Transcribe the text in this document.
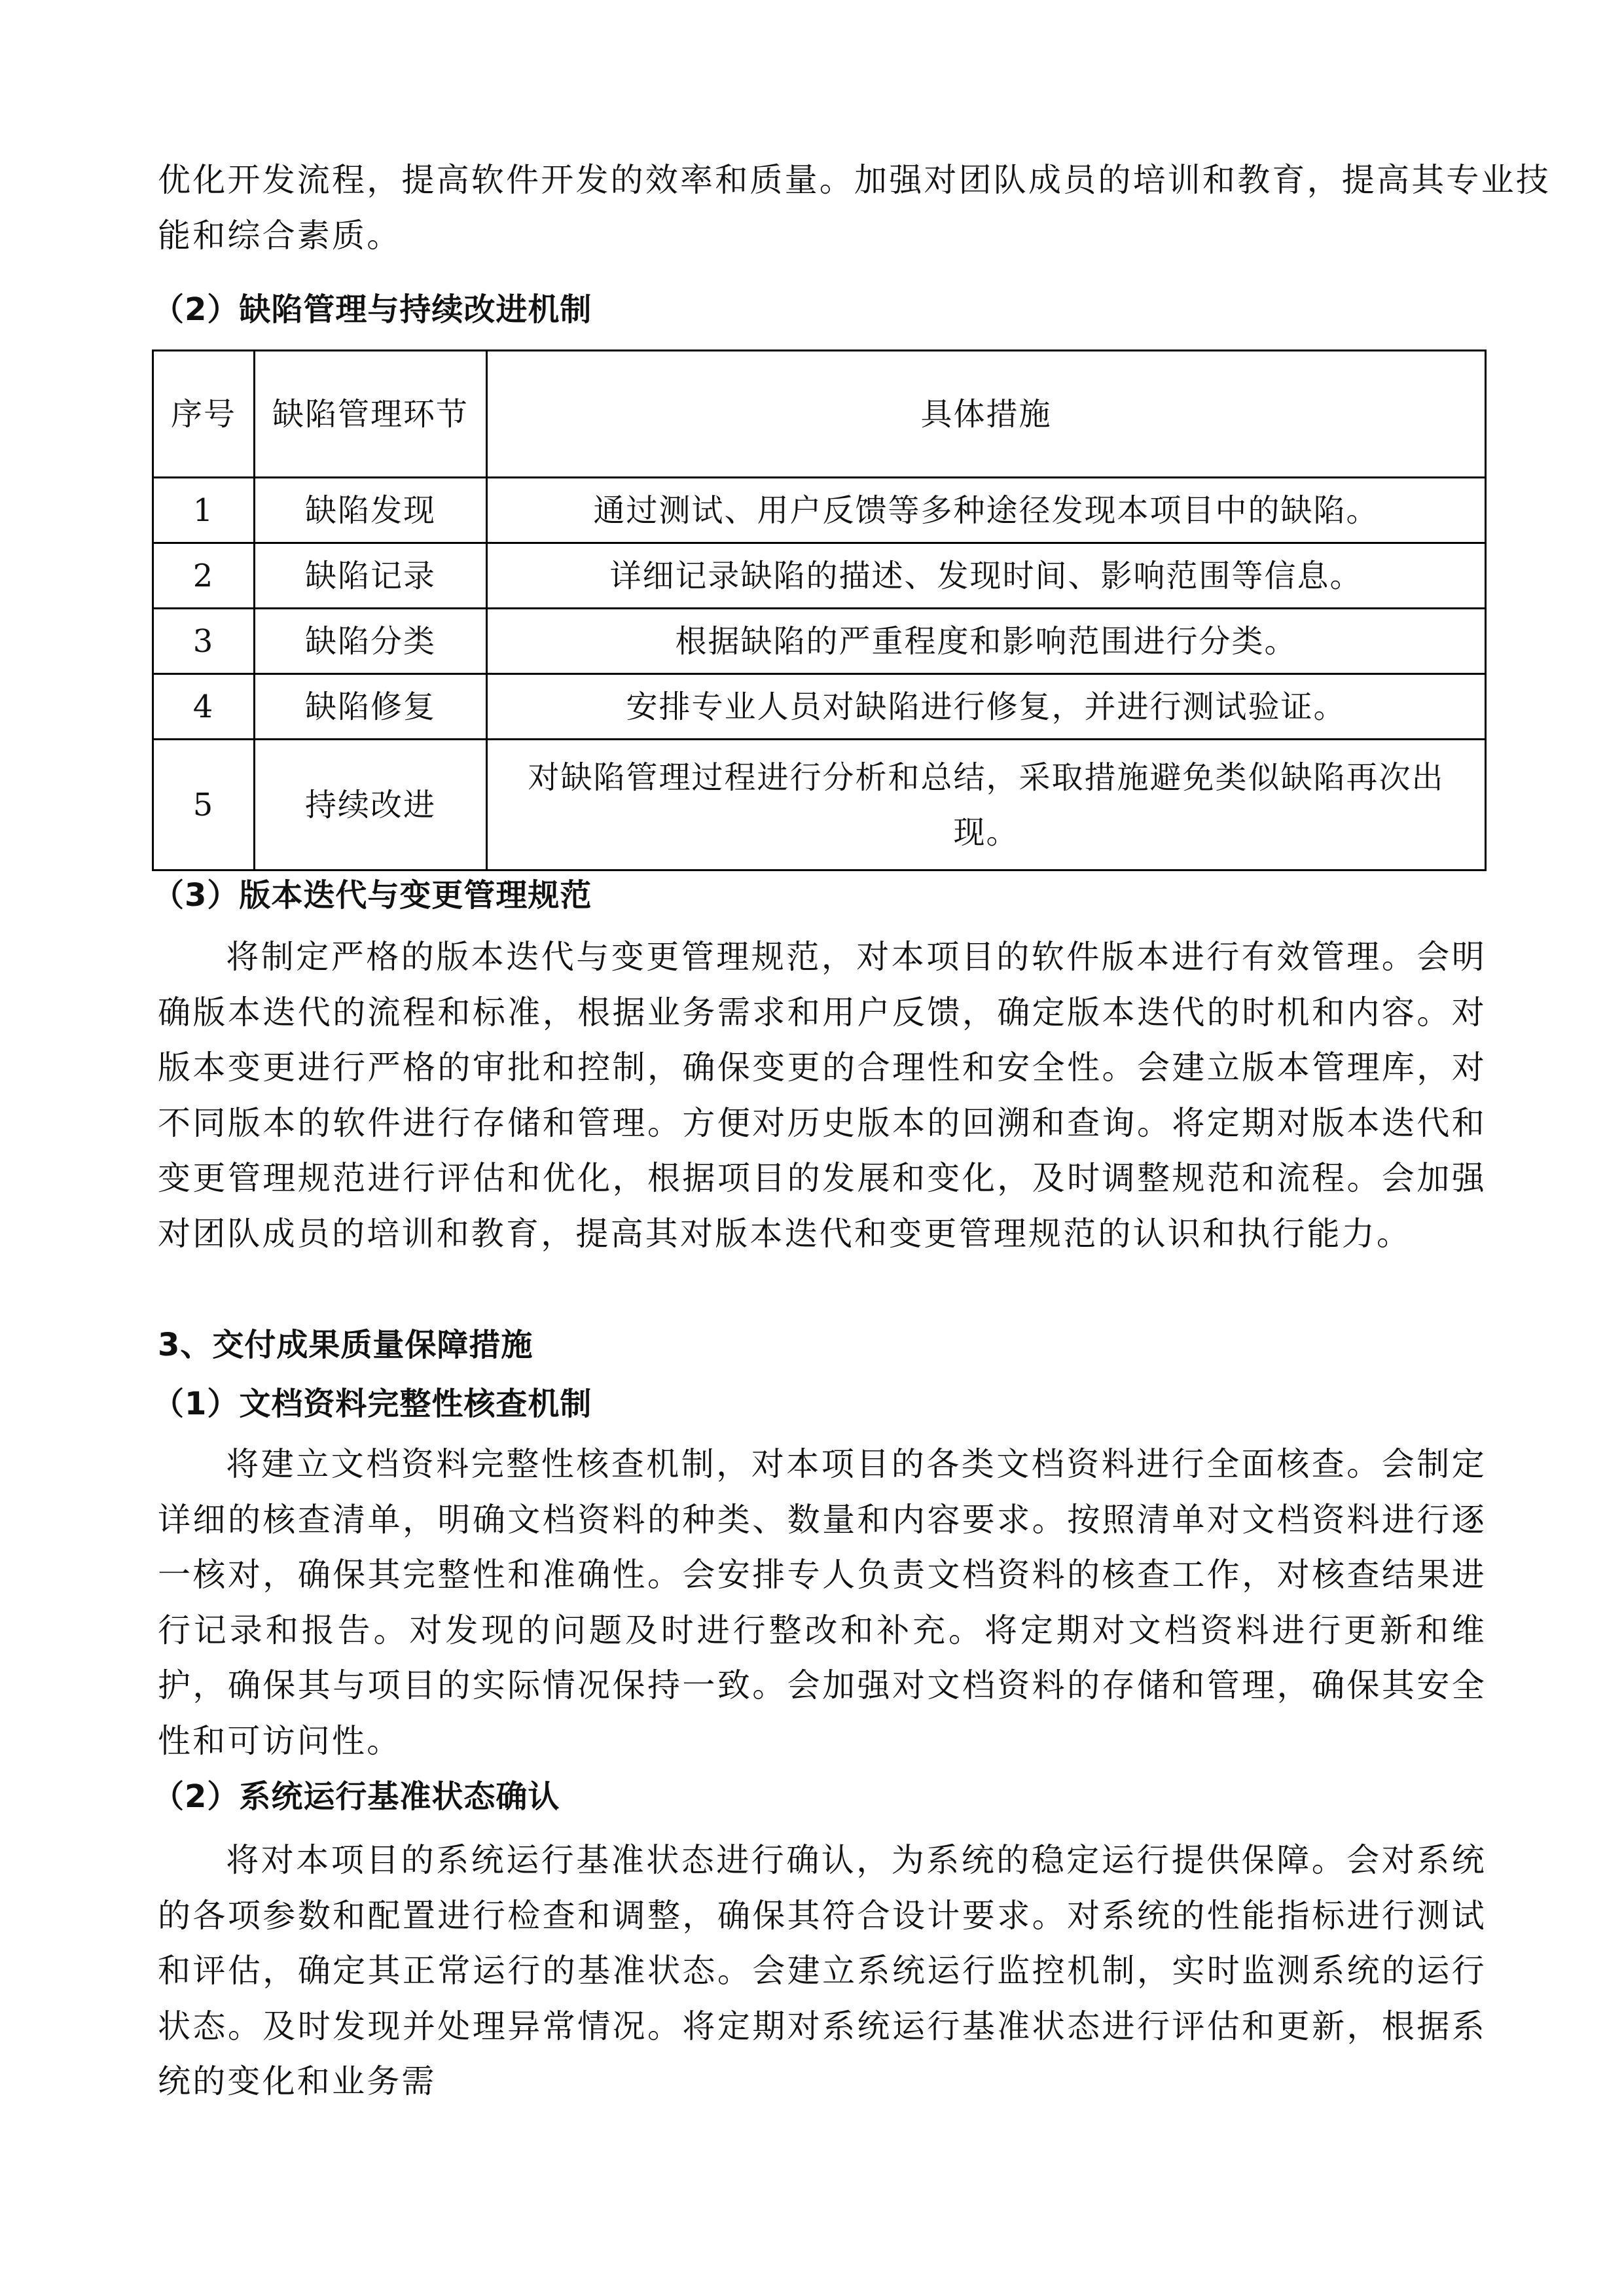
优化开发流程，提高软件开发的效率和质量。加强对团队成员的培训和教育，提高其专业技
能和综合素质。
（2）缺陷管理与持续改进机制
序号	缺陷管理环节	具体措施
1	缺陷发现	通过测试、用户反馈等多种途径发现本项目中的缺陷。
2	缺陷记录	详细记录缺陷的描述、发现时间、影响范围等信息。
3	缺陷分类	根据缺陷的严重程度和影响范围进行分类。
4	缺陷修复	安排专业人员对缺陷进行修复，并进行测试验证。
5	持续改进	对缺陷管理过程进行分析和总结，采取措施避免类似缺陷再次出现。
（3）版本迭代与变更管理规范
将制定严格的版本迭代与变更管理规范，对本项目的软件版本进行有效管理。会明确版本迭代的流程和标准，根据业务需求和用户反馈，确定版本迭代的时机和内容。对版本变更进行严格的审批和控制，确保变更的合理性和安全性。会建立版本管理库，对不同版本的软件进行存储和管理。方便对历史版本的回溯和查询。将定期对版本迭代和变更管理规范进行评估和优化，根据项目的发展和变化，及时调整规范和流程。会加强对团队成员的培训和教育，提高其对版本迭代和变更管理规范的认识和执行能力。
3、交付成果质量保障措施
（1）文档资料完整性核查机制
将建立文档资料完整性核查机制，对本项目的各类文档资料进行全面核查。会制定详细的核查清单，明确文档资料的种类、数量和内容要求。按照清单对文档资料进行逐一核对，确保其完整性和准确性。会安排专人负责文档资料的核查工作，对核查结果进行记录和报告。对发现的问题及时进行整改和补充。将定期对文档资料进行更新和维护，确保其与项目的实际情况保持一致。会加强对文档资料的存储和管理，确保其安全性和可访问性。
（2）系统运行基准状态确认
将对本项目的系统运行基准状态进行确认，为系统的稳定运行提供保障。会对系统的各项参数和配置进行检查和调整，确保其符合设计要求。对系统的性能指标进行测试和评估，确定其正常运行的基准状态。会建立系统运行监控机制，实时监测系统的运行状态。及时发现并处理异常情况。将定期对系统运行基准状态进行评估和更新，根据系统的变化和业务需
